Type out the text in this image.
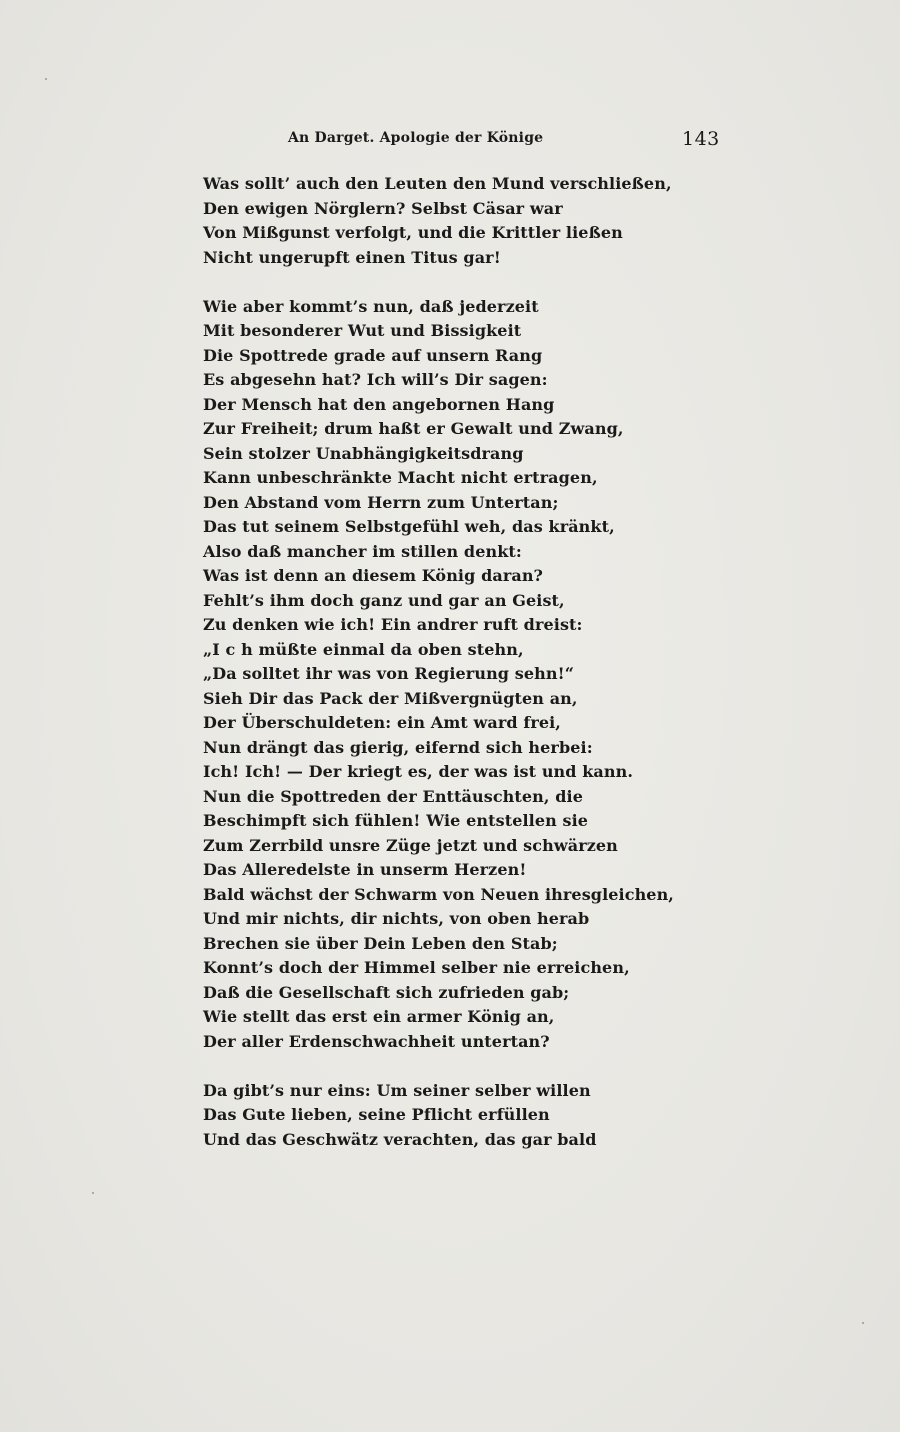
An Darget. Apologie der Könige	143
Was sollt’ auch den Leuten den Mund verschließen,
Den ewigen Nörglern? Selbst Cäsar war
Von Mißgunst verfolgt, und die Krittler ließen
Nicht ungerupft einen Titus gar!
Wie aber kommt’s nun, daß jederzeit
Mit besonderer Wut und Bissigkeit
Die Spottrede grade auf unsern Rang
Es abgesehn hat? Ich will’s Dir sagen:
Der Mensch hat den angebornen Hang
Zur Freiheit; drum haßt er Gewalt und Zwang,
Sein stolzer Unabhängigkeitsdrang
Kann unbeschränkte Macht nicht ertragen,
Den Abstand vom Herrn zum Untertan;
Das tut seinem Selbstgefühl weh, das kränkt,
Also daß mancher im stillen denkt:
Was ist denn an diesem König daran?
Fehlt’s ihm doch ganz und gar an Geist,
Zu denken wie ich! Ein andrer ruft dreist:
„I c h müßte einmal da oben stehn,
„Da solltet ihr was von Regierung sehn!“
Sieh Dir das Pack der Mißvergnügten an,
Der Überschuldeten: ein Amt ward frei,
Nun drängt das gierig, eifernd sich herbei:
Ich! Ich! — Der kriegt es, der was ist und kann.
Nun die Spottreden der Enttäuschten, die
Beschimpft sich fühlen! Wie entstellen sie
Zum Zerrbild unsre Züge jetzt und schwärzen
Das Alleredelste in unserm Herzen!
Bald wächst der Schwarm von Neuen ihresgleichen,
Und mir nichts, dir nichts, von oben herab
Brechen sie über Dein Leben den Stab;
Konnt’s doch der Himmel selber nie erreichen,
Daß die Gesellschaft sich zufrieden gab;
Wie stellt das erst ein armer König an,
Der aller Erdenschwachheit untertan?
Da gibt’s nur eins: Um seiner selber willen
Das Gute lieben, seine Pflicht erfüllen
Und das Geschwätz verachten, das gar bald
